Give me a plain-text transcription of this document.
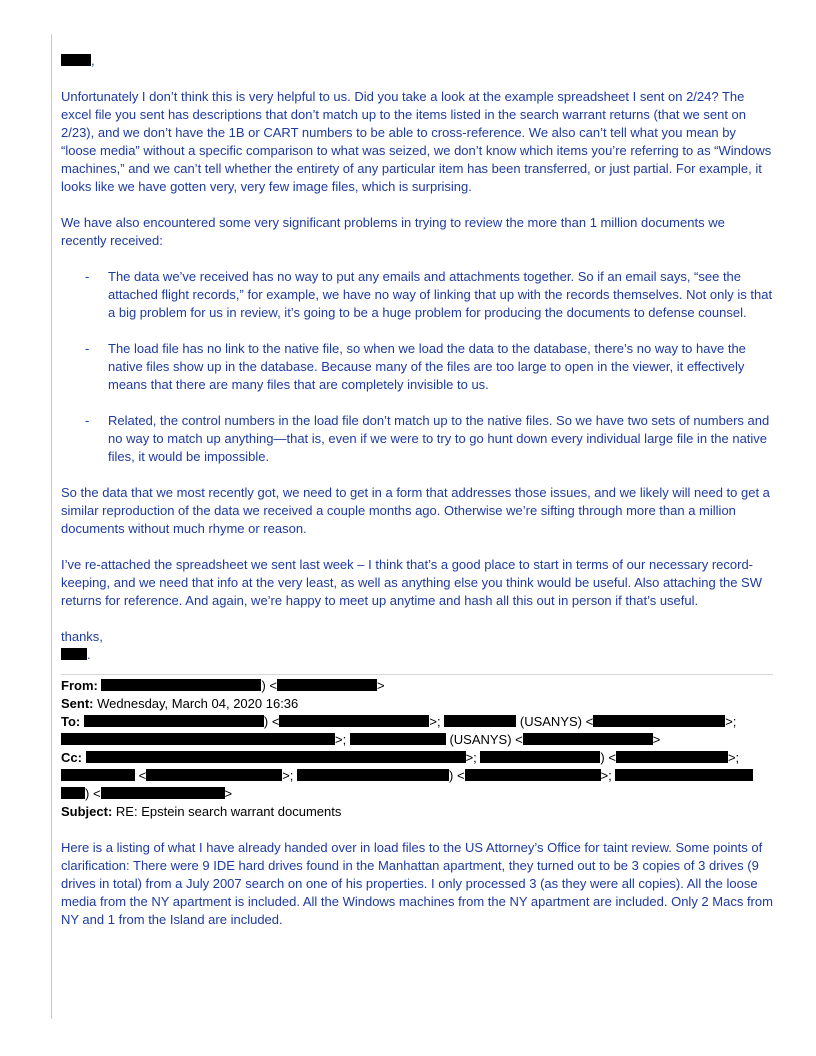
,

Unfortunately I don’t think this is very helpful to us. Did you take a look at the example spreadsheet I sent on 2/24? The excel file you sent has descriptions that don’t match up to the items listed in the search warrant returns (that we sent on 2/23), and we don’t have the 1B or CART numbers to be able to cross-reference. We also can’t tell what you mean by “loose media” without a specific comparison to what was seized, we don’t know which items you’re referring to as “Windows machines,” and we can’t tell whether the entirety of any particular item has been transferred, or just partial. For example, it looks like we have gotten very, very few image files, which is surprising.

We have also encountered some very significant problems in trying to review the more than 1 million documents we recently received:

- The data we’ve received has no way to put any emails and attachments together. So if an email says, “see the attached flight records,” for example, we have no way of linking that up with the records themselves. Not only is that a big problem for us in review, it’s going to be a huge problem for producing the documents to defense counsel.
- The load file has no link to the native file, so when we load the data to the database, there’s no way to have the native files show up in the database. Because many of the files are too large to open in the viewer, it effectively means that there are many files that are completely invisible to us.
- Related, the control numbers in the load file don’t match up to the native files. So we have two sets of numbers and no way to match up anything—that is, even if we were to try to go hunt down every individual large file in the native files, it would be impossible.

So the data that we most recently got, we need to get in a form that addresses those issues, and we likely will need to get a similar reproduction of the data we received a couple months ago. Otherwise we’re sifting through more than a million documents without much rhyme or reason.

I’ve re-attached the spreadsheet we sent last week – I think that’s a good place to start in terms of our necessary record-keeping, and we need that info at the very least, as well as anything else you think would be useful. Also attaching the SW returns for reference. And again, we’re happy to meet up anytime and hash all this out in person if that’s useful.

thanks,

.

From:	) <	>
Sent: Wednesday, March 04, 2020 16:36
To:	) <	>;	(USANYS) <	>;
>;	(USANYS) <	>
Cc:	>;	) <	>;
<	>;	) <	>;
) <	>
Subject: RE: Epstein search warrant documents

Here is a listing of what I have already handed over in load files to the US Attorney’s Office for taint review. Some points of clarification: There were 9 IDE hard drives found in the Manhattan apartment, they turned out to be 3 copies of 3 drives (9 drives in total) from a July 2007 search on one of his properties. I only processed 3 (as they were all copies). All the loose media from the NY apartment is included. All the Windows machines from the NY apartment are included. Only 2 Macs from NY and 1 from the Island are included.
